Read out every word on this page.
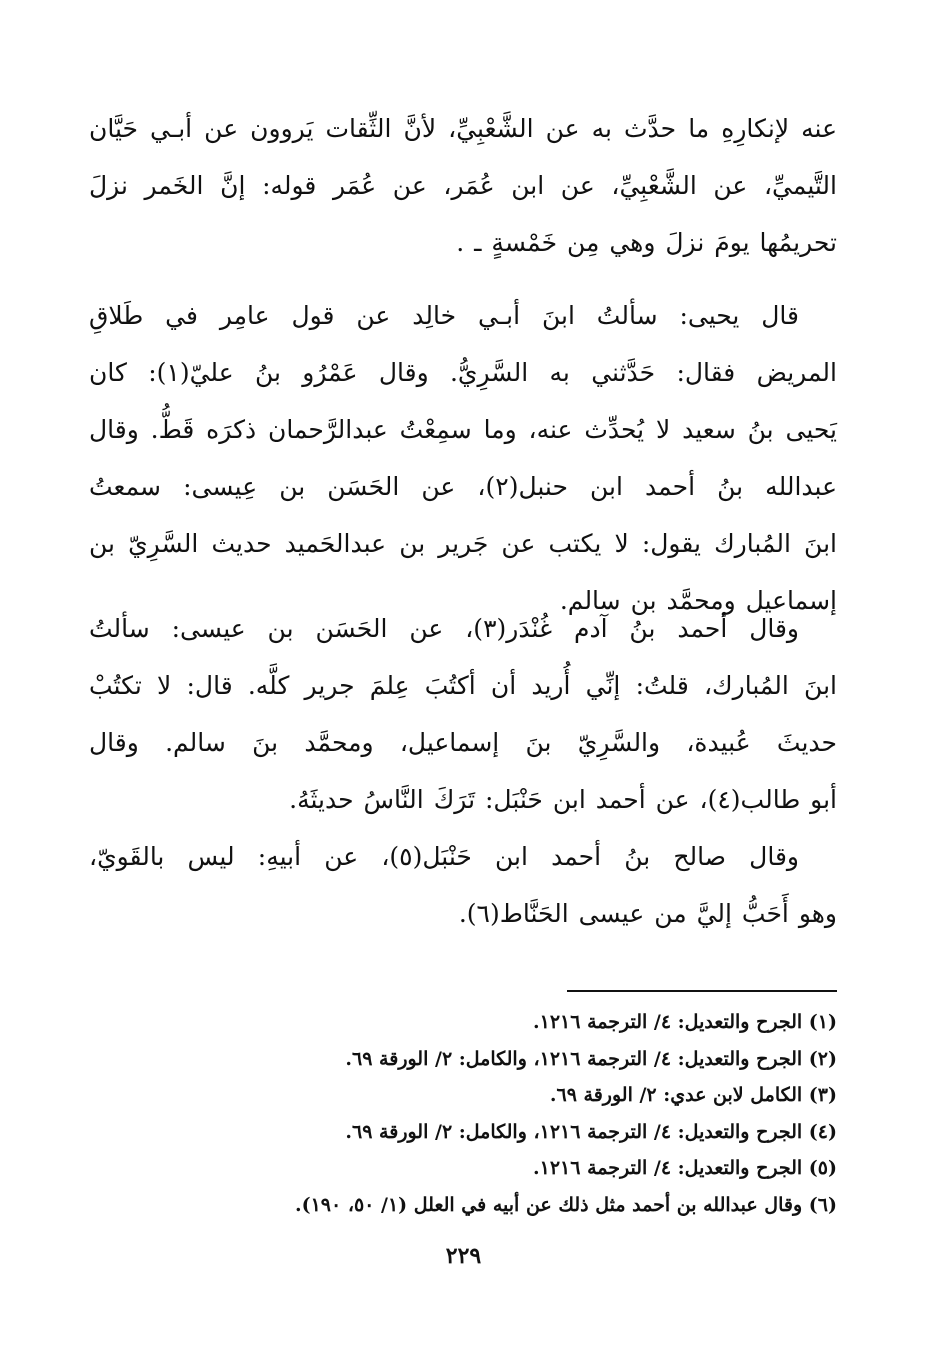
عنه لإنكارِهِ ما حدَّث به عن الشَّعْبِيِّ، لأنَّ الثِّقات يَروون عن أبـي حَيَّان
التَّيميِّ، عن الشَّعْبِيِّ، عن ابن عُمَر، عن عُمَر قوله: إنَّ الخَمر نزلَ
تحريمُها يومَ نزلَ وهي مِن خَمْسةٍ ـ .
قال يحيى: سألتُ ابنَ أبـي خالِد عن قول عامِر في طَلاقِ
المريض فقال: حَدَّثني به السَّرِيُّ. وقال عَمْرُو بنُ عليّ(١): كان
يَحيى بنُ سعيد لا يُحدِّث عنه، وما سمِعْتُ عبدالرَّحمان ذكرَه قَطُّ. وقال
عبدالله بنُ أحمد ابن حنبل(٢)، عن الحَسَن بن عِيسى: سمعتُ
ابنَ المُبارك يقول: لا يكتب عن جَرير بن عبدالحَميد حديث السَّرِيّ بن
إسماعيل ومحمَّد بن سالم.
وقال أحمد بنُ آدم غُنْدَر(٣)، عن الحَسَن بن عيسى: سألتُ
ابنَ المُبارك، قلتُ: إنِّي أُريد أن أكتُبَ عِلمَ جرير كلَّه. قال: لا تكتُبْ
حديثَ عُبيدة، والسَّرِيّ بنَ إسماعيل، ومحمَّد بنَ سالم. وقال
أبو طالب(٤)، عن أحمد ابن حَنْبَل: تَرَكَ النَّاسُ حديثَهُ.
وقال صالح بنُ أحمد ابن حَنْبَل(٥)، عن أبيهِ: ليس بالقَويّ،
وهو أَحَبُّ إليَّ من عيسى الحَنَّاط(٦).
(١) الجرح والتعديل: ٤/ الترجمة ١٢١٦.
(٢) الجرح والتعديل: ٤/ الترجمة ١٢١٦، والكامل: ٢/ الورقة ٦٩.
(٣) الكامل لابن عدي: ٢/ الورقة ٦٩.
(٤) الجرح والتعديل: ٤/ الترجمة ١٢١٦، والكامل: ٢/ الورقة ٦٩.
(٥) الجرح والتعديل: ٤/ الترجمة ١٢١٦.
(٦) وقال عبدالله بن أحمد مثل ذلك عن أبيه في العلل (١/ ٥٠، ١٩٠).
٢٢٩
